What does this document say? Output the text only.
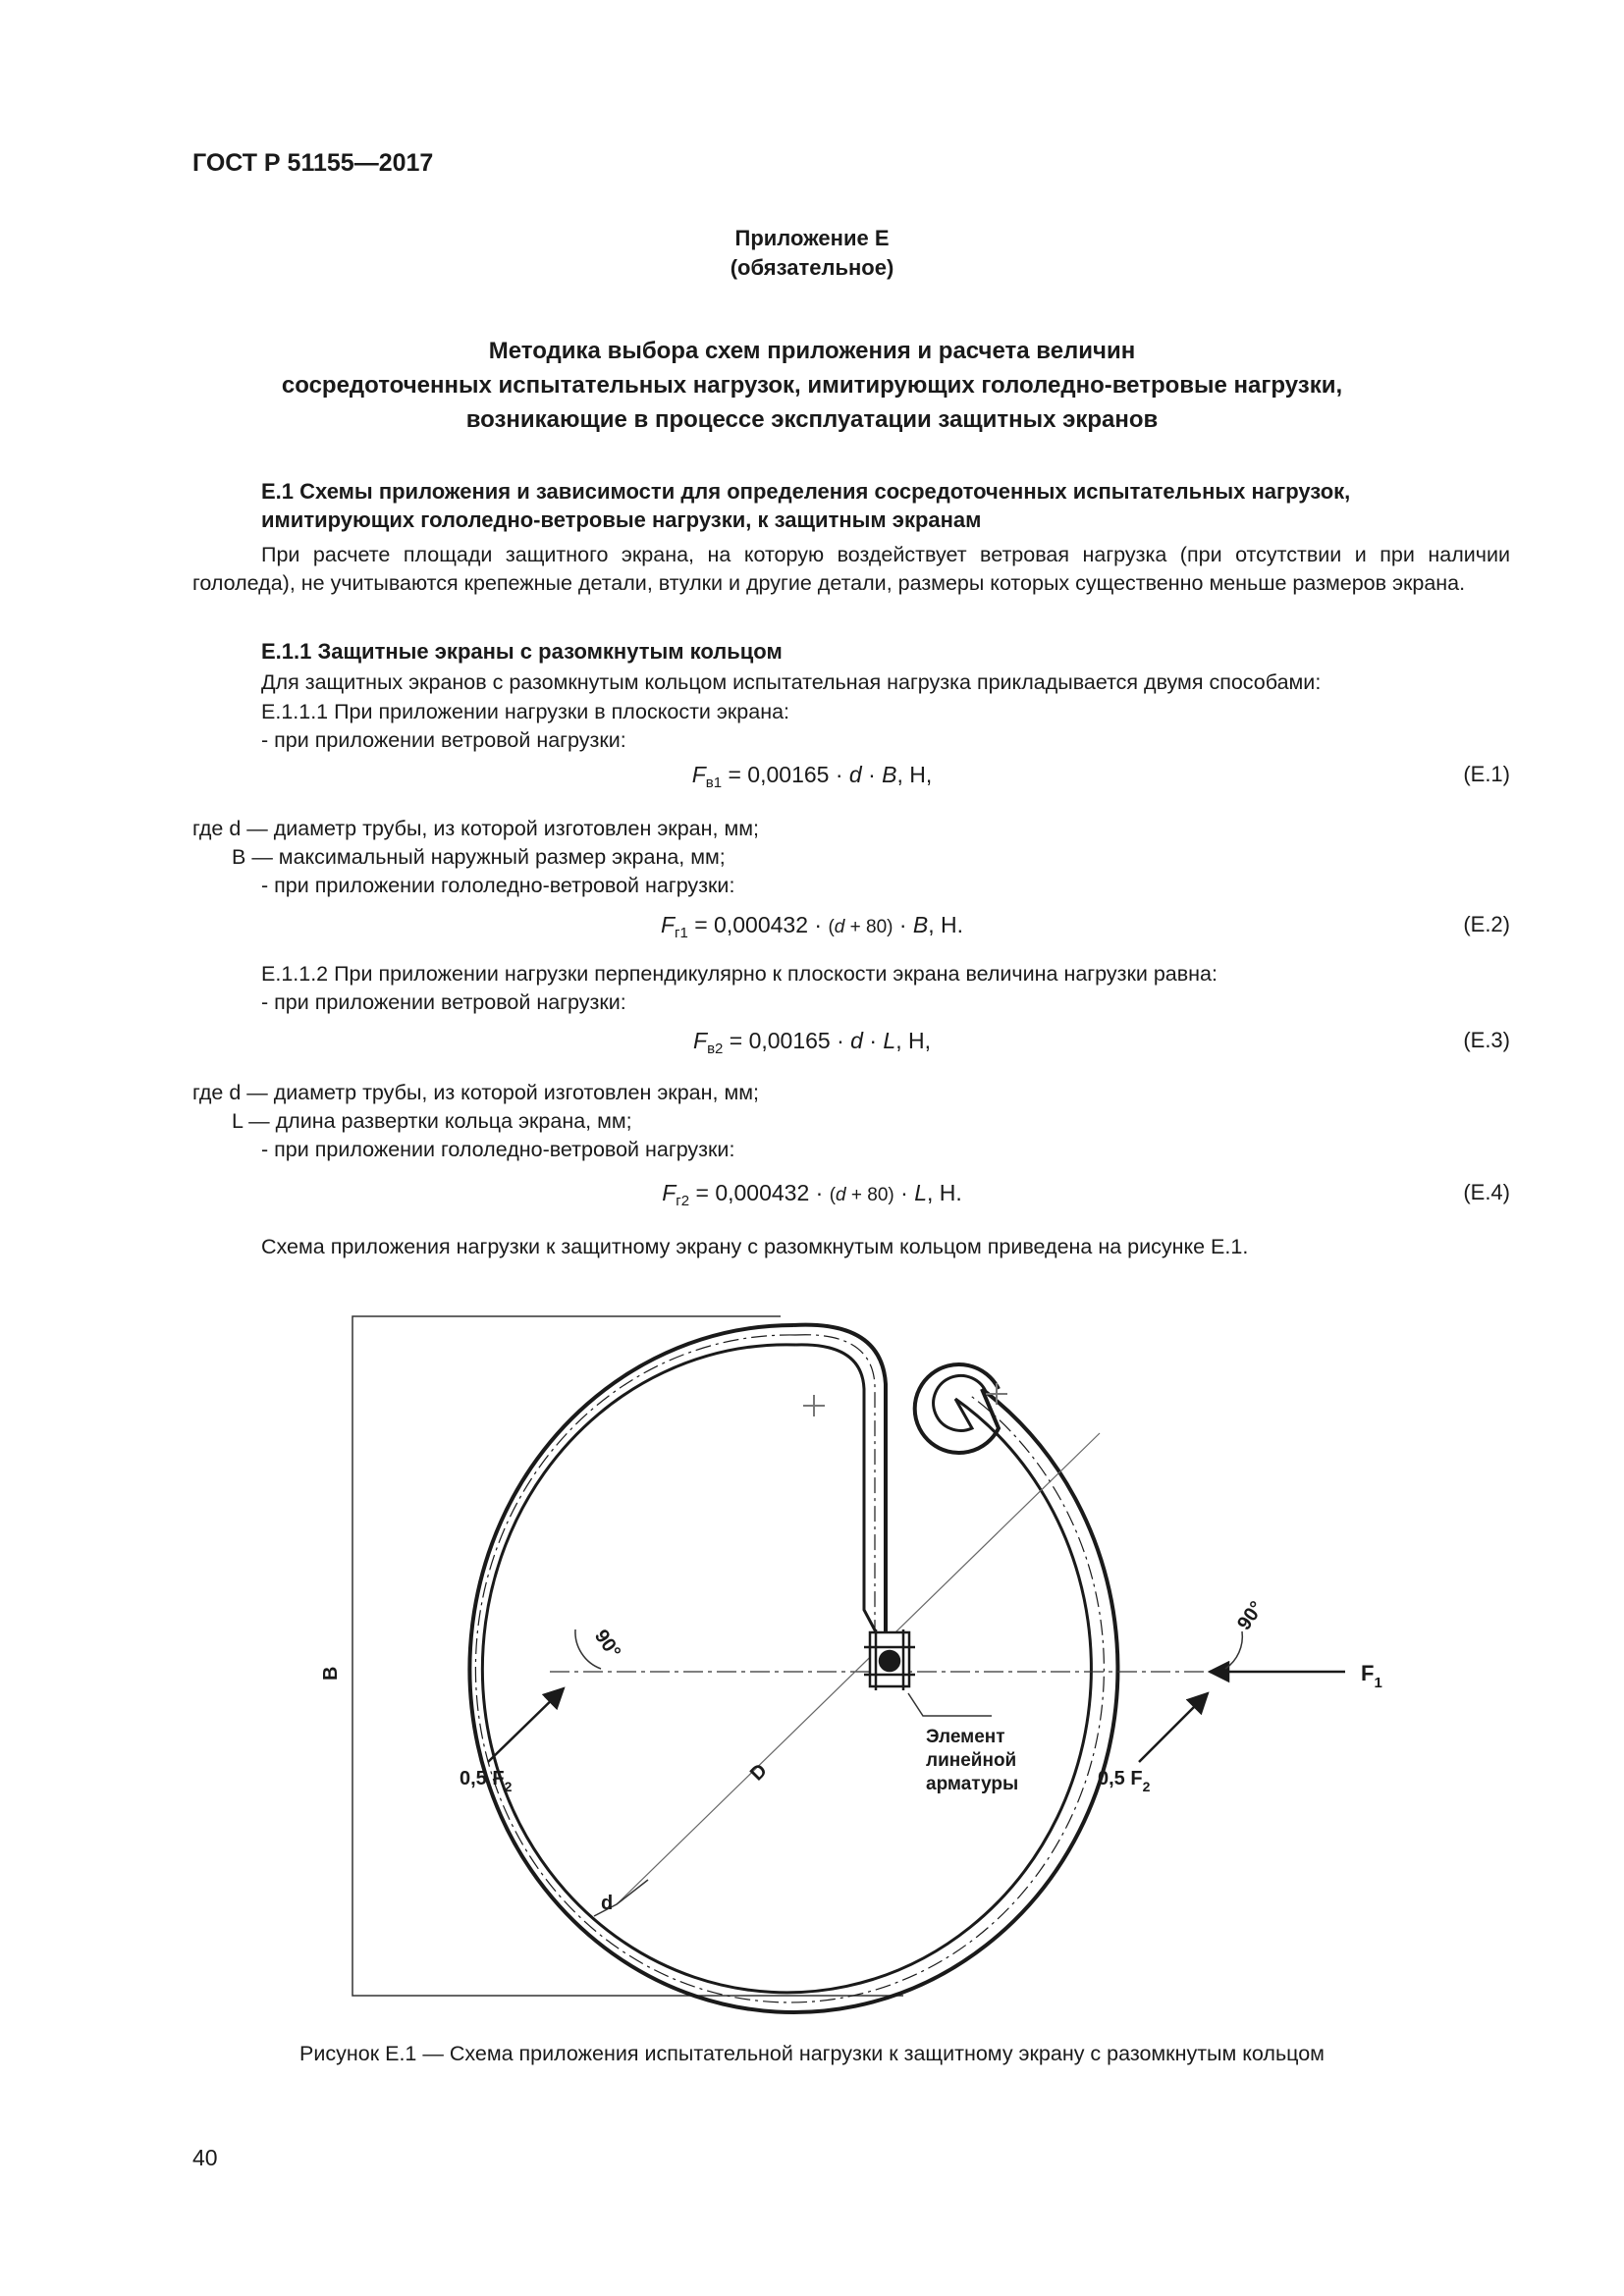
ГОСТ Р 51155—2017
Приложение Е
(обязательное)
Методика выбора схем приложения и расчета величин
сосредоточенных испытательных нагрузок, имитирующих гололедно-ветровые нагрузки,
возникающие в процессе эксплуатации защитных экранов
Е.1 Схемы приложения и зависимости для определения сосредоточенных испытательных нагрузок,
имитирующих гололедно-ветровые нагрузки, к защитным экранам
При расчете площади защитного экрана, на которую воздействует ветровая нагрузка (при отсутствии и при наличии гололеда), не учитываются крепежные детали, втулки и другие детали, размеры которых существенно меньше размеров экрана.
Е.1.1 Защитные экраны с разомкнутым кольцом
Для защитных экранов с разомкнутым кольцом испытательная нагрузка прикладывается двумя способами:
Е.1.1.1 При приложении нагрузки в плоскости экрана:
- при приложении ветровой нагрузки:
$F_{в1} = 0,00165 \cdot d \cdot B$, Н,	(Е.1)
где d — диаметр трубы, из которой изготовлен экран, мм;
B — максимальный наружный размер экрана, мм;
- при приложении гололедно-ветровой нагрузки:
$F_{г1} = 0,000432 \cdot (d + 80) \cdot B$, Н.	(Е.2)
Е.1.1.2 При приложении нагрузки перпендикулярно к плоскости экрана величина нагрузки равна:
- при приложении ветровой нагрузки:
$F_{в2} = 0,00165 \cdot d \cdot L$, Н,	(Е.3)
где d — диаметр трубы, из которой изготовлен экран, мм;
L — длина развертки кольца экрана, мм;
- при приложении гололедно-ветровой нагрузки:
$F_{г2} = 0,000432 \cdot (d + 80) \cdot L$, Н.	(Е.4)
Схема приложения нагрузки к защитному экрану с разомкнутым кольцом приведена на рисунке Е.1.
B
D
d
90°
90°
$F_1$
0,5 $F_2$	0,5 $F_2$
Элемент
линейной
арматуры
Рисунок Е.1 — Схема приложения испытательной нагрузки к защитному экрану с разомкнутым кольцом
40
